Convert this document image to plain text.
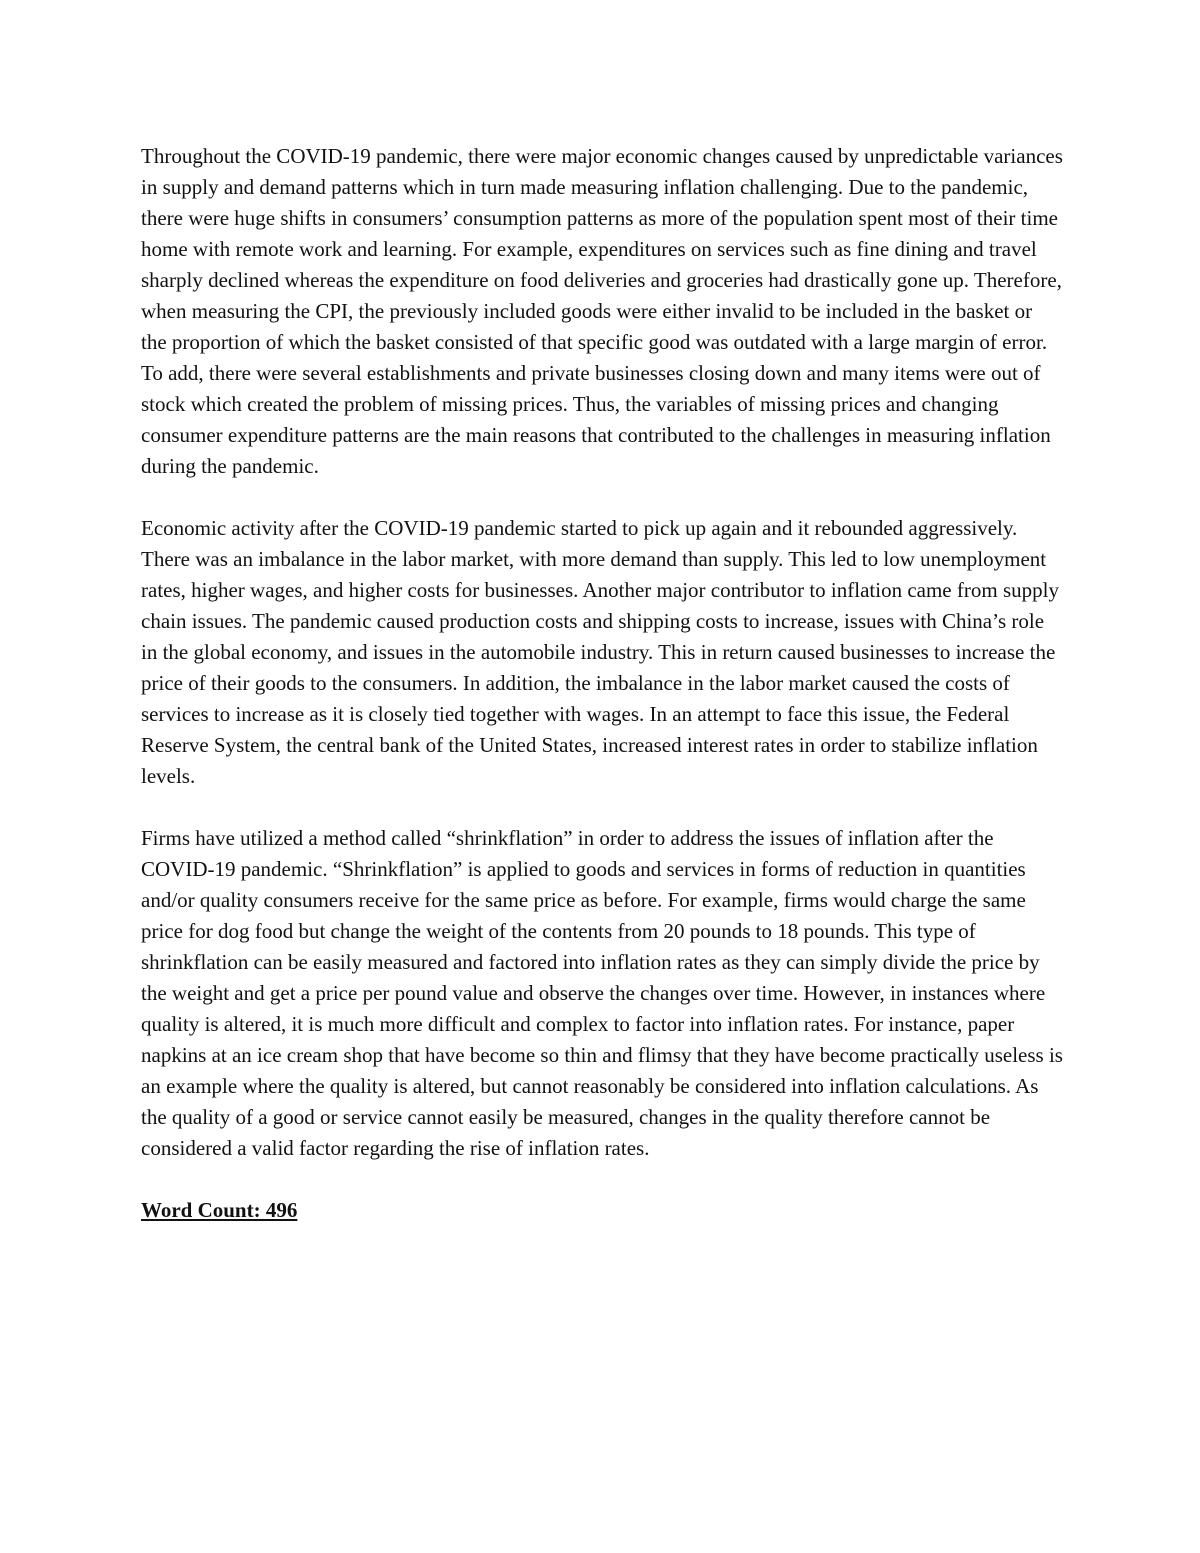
Throughout the COVID-19 pandemic, there were major economic changes caused by unpredictable variances in supply and demand patterns which in turn made measuring inflation challenging. Due to the pandemic, there were huge shifts in consumers’ consumption patterns as more of the population spent most of their time home with remote work and learning. For example, expenditures on services such as fine dining and travel sharply declined whereas the expenditure on food deliveries and groceries had drastically gone up. Therefore, when measuring the CPI, the previously included goods were either invalid to be included in the basket or the proportion of which the basket consisted of that specific good was outdated with a large margin of error. To add, there were several establishments and private businesses closing down and many items were out of stock which created the problem of missing prices. Thus, the variables of missing prices and changing consumer expenditure patterns are the main reasons that contributed to the challenges in measuring inflation during the pandemic.

Economic activity after the COVID-19 pandemic started to pick up again and it rebounded aggressively. There was an imbalance in the labor market, with more demand than supply. This led to low unemployment rates, higher wages, and higher costs for businesses. Another major contributor to inflation came from supply chain issues. The pandemic caused production costs and shipping costs to increase, issues with China’s role in the global economy, and issues in the automobile industry. This in return caused businesses to increase the price of their goods to the consumers. In addition, the imbalance in the labor market caused the costs of services to increase as it is closely tied together with wages. In an attempt to face this issue, the Federal Reserve System, the central bank of the United States, increased interest rates in order to stabilize inflation levels.

Firms have utilized a method called “shrinkflation” in order to address the issues of inflation after the COVID-19 pandemic. “Shrinkflation” is applied to goods and services in forms of reduction in quantities and/or quality consumers receive for the same price as before. For example, firms would charge the same price for dog food but change the weight of the contents from 20 pounds to 18 pounds. This type of shrinkflation can be easily measured and factored into inflation rates as they can simply divide the price by the weight and get a price per pound value and observe the changes over time. However, in instances where quality is altered, it is much more difficult and complex to factor into inflation rates. For instance, paper napkins at an ice cream shop that have become so thin and flimsy that they have become practically useless is an example where the quality is altered, but cannot reasonably be considered into inflation calculations. As the quality of a good or service cannot easily be measured, changes in the quality therefore cannot be considered a valid factor regarding the rise of inflation rates.

Word Count: 496
